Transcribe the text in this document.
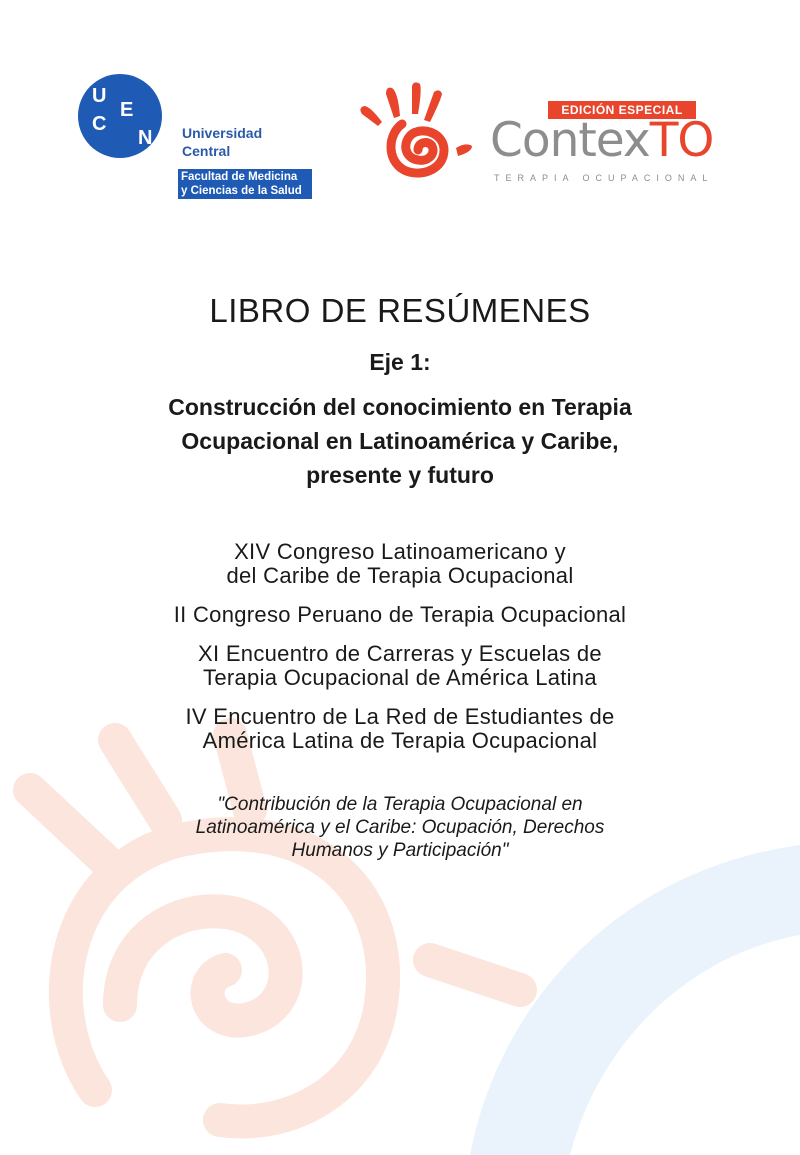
U
C
E
N Universidad
Central
Facultad de Medicina
y Ciencias de la Salud
EDICIÓN ESPECIAL
ContexTO
TERAPIA OCUPACIONAL
LIBRO DE RESÚMENES
Eje 1:
Construcción del conocimiento en Terapia
Ocupacional en Latinoamérica y Caribe,
presente y futuro
XIV Congreso Latinoamericano y
del Caribe de Terapia Ocupacional
II Congreso Peruano de Terapia Ocupacional
XI Encuentro de Carreras y Escuelas de
Terapia Ocupacional de América Latina
IV Encuentro de La Red de Estudiantes de
América Latina de Terapia Ocupacional
"Contribución de la Terapia Ocupacional en
Latinoamérica y el Caribe: Ocupación, Derechos
Humanos y Participación"
